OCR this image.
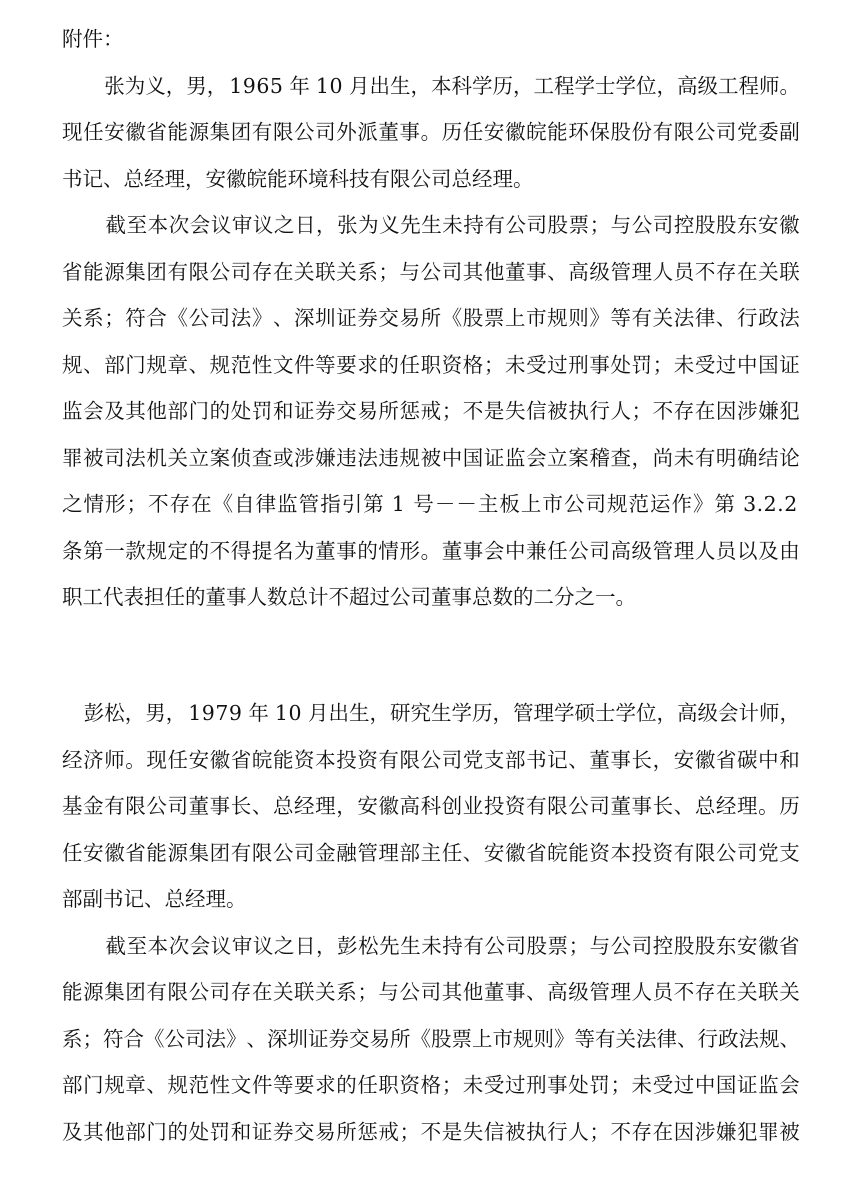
附件：
张 为 义 ， 男 ， 1965
年
10
月 出 生 ， 本 科 学 历 ， 工 程 学 士 学 位 ， 高 级 工 程 师 。
现 任 安 徽 省 能 源 集 团 有 限 公 司 外 派 董 事 。 历 任 安 徽 皖 能 环 保 股 份 有 限 公 司 党 委 副
书记、总经理，安徽皖能环境科技有限公司总经理。
截 至 本 次 会 议 审 议 之 日 ， 张 为 义 先 生 未 持 有 公 司 股 票 ； 与 公 司 控 股 股 东 安 徽
省 能 源 集 团 有 限 公 司 存 在 关 联 关 系 ； 与 公 司 其 他 董 事 、 高 级 管 理 人 员 不 存 在 关 联
关 系 ； 符 合 《 公 司 法 》 、 深 圳 证 券 交 易 所 《 股 票 上 市 规 则 》 等 有 关 法 律 、 行 政 法
规 、 部 门 规 章 、 规 范 性 文 件 等 要 求 的 任 职 资 格 ； 未 受 过 刑 事 处 罚 ； 未 受 过 中 国 证
监 会 及 其 他 部 门 的 处 罚 和 证 券 交 易 所 惩 戒 ； 不 是 失 信 被 执 行 人 ； 不 存 在 因 涉 嫌 犯
罪 被 司 法 机 关 立 案 侦 查 或 涉 嫌 违 法 违 规 被 中 国 证 监 会 立 案 稽 查 ， 尚 未 有 明 确 结 论
之 情 形 ； 不 存 在 《 自 律 监 管 指 引 第
1
号 － － 主 板 上 市 公 司 规 范 运 作 》 第
3.2.2
条 第 一 款 规 定 的 不 得 提 名 为 董 事 的 情 形 。 董 事 会 中 兼 任 公 司 高 级 管 理 人 员 以 及 由
职工代表担任的董事人数总计不超过公司董事总数的二分之一。
彭 松 ， 男 ， 1979
年
10
月 出 生 ， 研 究 生 学 历 ， 管 理 学 硕 士 学 位 ， 高 级 会 计 师 ，
经 济 师 。 现 任 安 徽 省 皖 能 资 本 投 资 有 限 公 司 党 支 部 书 记 、 董 事 长 ， 安 徽 省 碳 中 和
基 金 有 限 公 司 董 事 长 、 总 经 理 ， 安 徽 高 科 创 业 投 资 有 限 公 司 董 事 长 、 总 经 理 。 历
任 安 徽 省 能 源 集 团 有 限 公 司 金 融 管 理 部 主 任 、 安 徽 省 皖 能 资 本 投 资 有 限 公 司 党 支
部副书记、总经理。
截 至 本 次 会 议 审 议 之 日 ， 彭 松 先 生 未 持 有 公 司 股 票 ； 与 公 司 控 股 股 东 安 徽 省
能 源 集 团 有 限 公 司 存 在 关 联 关 系 ； 与 公 司 其 他 董 事 、 高 级 管 理 人 员 不 存 在 关 联 关
系 ； 符 合 《 公 司 法 》 、 深 圳 证 券 交 易 所 《 股 票 上 市 规 则 》 等 有 关 法 律 、 行 政 法 规 、
部 门 规 章 、 规 范 性 文 件 等 要 求 的 任 职 资 格 ； 未 受 过 刑 事 处 罚 ； 未 受 过 中 国 证 监 会
及 其 他 部 门 的 处 罚 和 证 券 交 易 所 惩 戒 ； 不 是 失 信 被 执 行 人 ； 不 存 在 因 涉 嫌 犯 罪 被
